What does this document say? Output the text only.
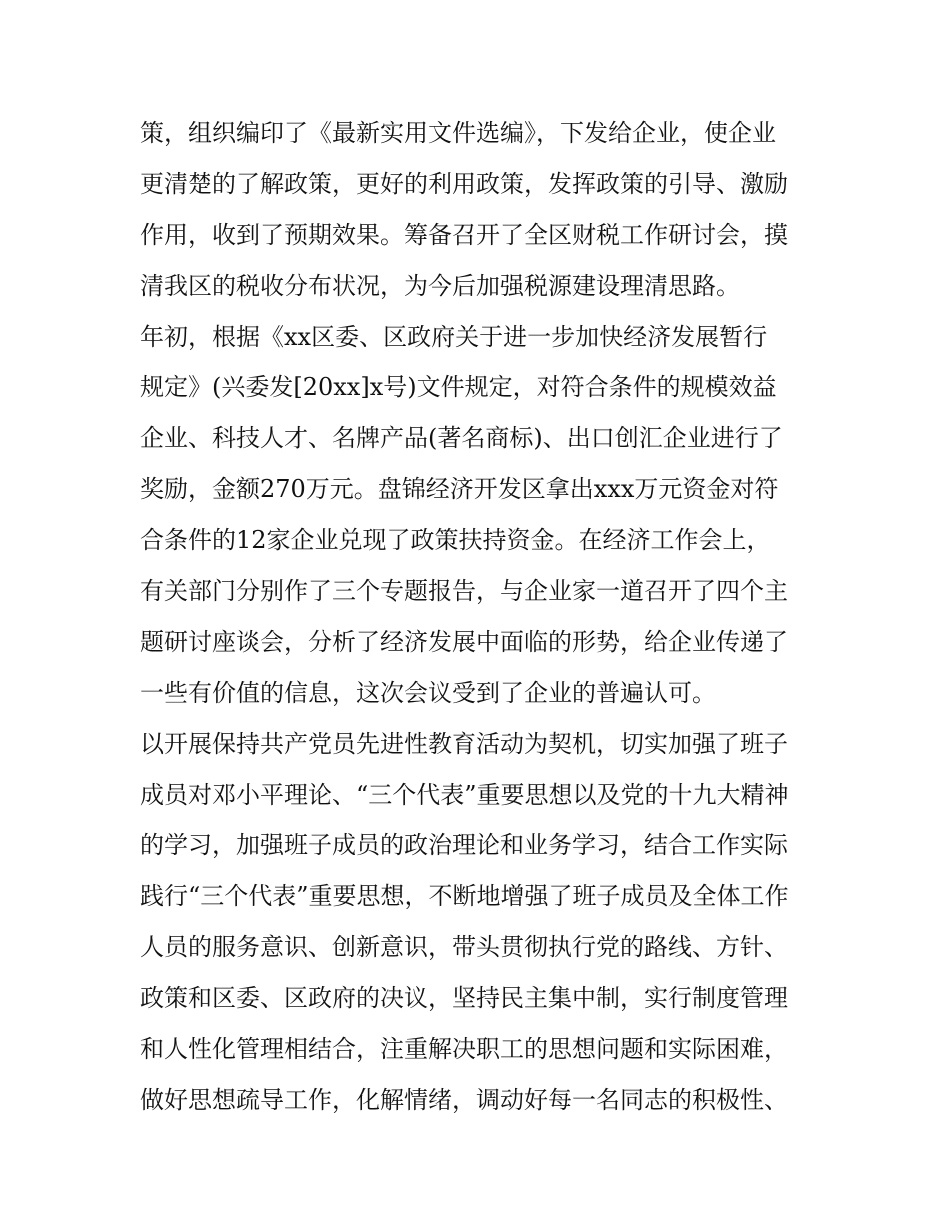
策，组织编印了《最新实用文件选编》，下发给企业，使企业
更清楚的了解政策，更好的利用政策，发挥政策的引导、激励
作用，收到了预期效果。筹备召开了全区财税工作研讨会，摸
清我区的税收分布状况，为今后加强税源建设理清思路。
年初，根据《xx区委、区政府关于进一步加快经济发展暂行
规定》(兴委发[20xx]x号)文件规定，对符合条件的规模效益
企业、科技人才、名牌产品(著名商标)、出口创汇企业进行了
奖励，金额270万元。盘锦经济开发区拿出xxx万元资金对符
合条件的12家企业兑现了政策扶持资金。在经济工作会上，
有关部门分别作了三个专题报告，与企业家一道召开了四个主
题研讨座谈会，分析了经济发展中面临的形势，给企业传递了
一些有价值的信息，这次会议受到了企业的普遍认可。
以开展保持共产党员先进性教育活动为契机，切实加强了班子
成员对邓小平理论、“三个代表”重要思想以及党的十九大精神
的学习，加强班子成员的政治理论和业务学习，结合工作实际
践行“三个代表”重要思想，不断地增强了班子成员及全体工作
人员的服务意识、创新意识，带头贯彻执行党的路线、方针、
政策和区委、区政府的决议，坚持民主集中制，实行制度管理
和人性化管理相结合，注重解决职工的思想问题和实际困难，
做好思想疏导工作，化解情绪，调动好每一名同志的积极性、
